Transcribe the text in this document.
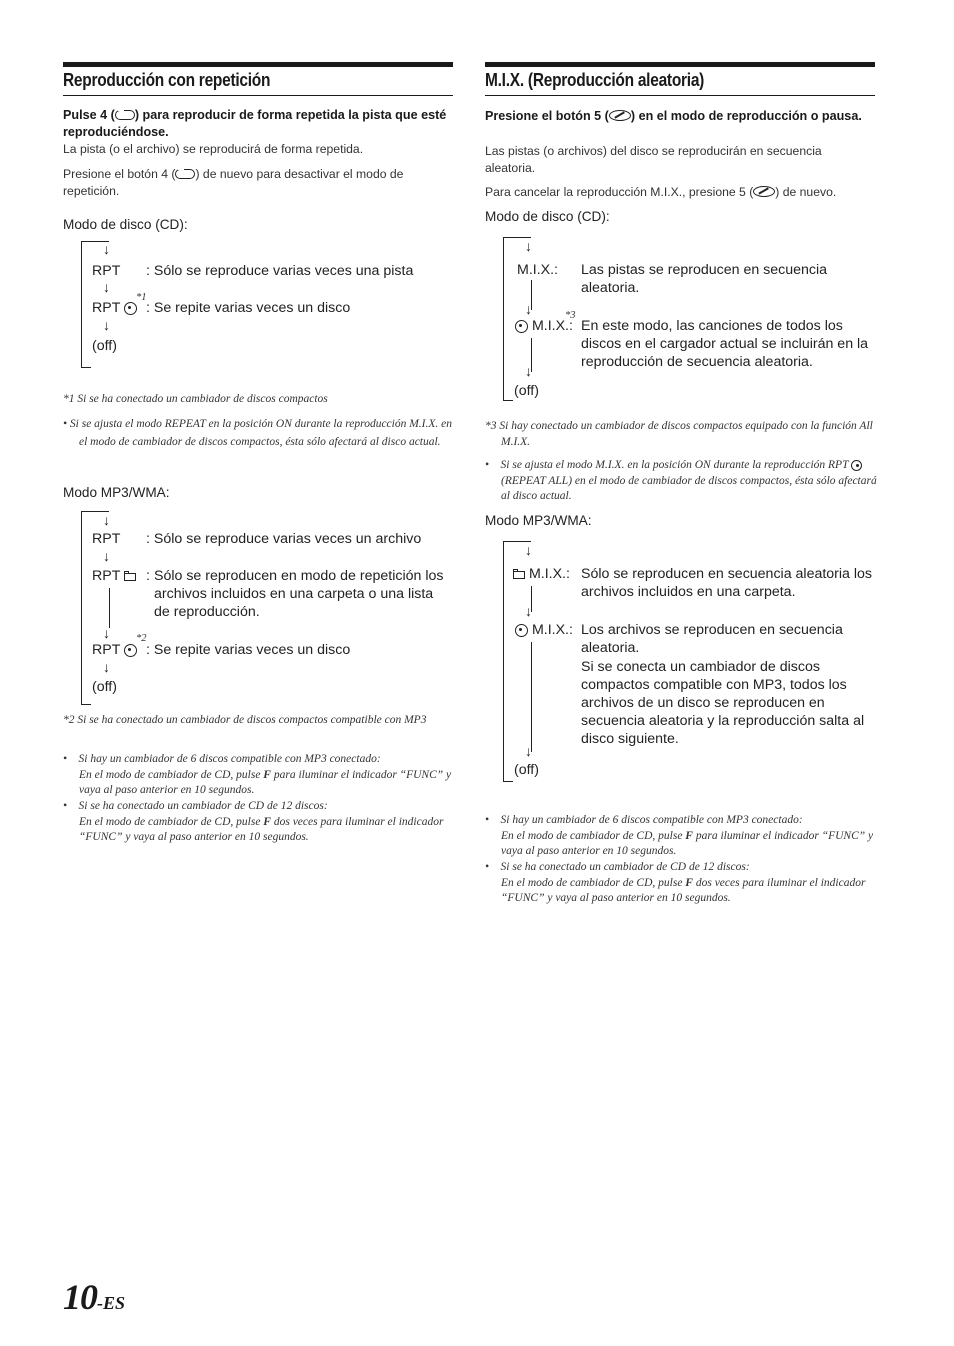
Reproducción con repetición
Pulse 4 ( ) para reproducir de forma repetida la pista que esté reproduciéndose.
La pista (o el archivo) se reproducirá de forma repetida.
Presione el botón 4 ( ) de nuevo para desactivar el modo de repetición.
Modo de disco (CD):
↓
RPT : Sólo se reproduce varias veces una pista
↓
*1
RPT	: Se repite varias veces un disco
↓
(off)
*1 Si se ha conectado un cambiador de discos compactos
• Si se ajusta el modo REPEAT en la posición ON durante la reproducción M.I.X. en el modo de cambiador de discos compactos, ésta sólo afectará al disco actual.
Modo MP3/WMA:
↓
RPT : Sólo se reproduce varias veces un archivo
↓
RPT	: Sólo se reproducen en modo de repetición los archivos incluidos en una carpeta o una lista de reproducción.
↓ *2
RPT	: Se repite varias veces un disco
↓
(off)
*2 Si se ha conectado un cambiador de discos compactos compatible con MP3
•    Si hay un cambiador de 6 discos compatible con MP3 conectado:
En el modo de cambiador de CD, pulse F para iluminar el indicador “FUNC” y vaya al paso anterior en 10 segundos.
•    Si se ha conectado un cambiador de CD de 12 discos:
En el modo de cambiador de CD, pulse F dos veces para iluminar el indicador “FUNC” y vaya al paso anterior en 10 segundos.
M.I.X. (Reproducción aleatoria)
Presione el botón 5 ( ) en el modo de reproducción o pausa.
Las pistas (o archivos) del disco se reproducirán en secuencia aleatoria.
Para cancelar la reproducción M.I.X., presione 5 ( ) de nuevo.
Modo de disco (CD):
↓
M.I.X.: Las pistas se reproducen en secuencia aleatoria.
↓	*3
M.I.X.: En este modo, las canciones de todos los discos en el cargador actual se incluirán en la reproducción de secuencia aleatoria.
↓
(off)
*3 Si hay conectado un cambiador de discos compactos equipado con la función All M.I.X.
•    Si se ajusta el modo M.I.X. en la posición ON durante la reproducción RPT  (REPEAT ALL) en el modo de cambiador de discos compactos, ésta sólo afectará al disco actual.
Modo MP3/WMA:
↓
M.I.X.: Sólo se reproducen en secuencia aleatoria los archivos incluidos en una carpeta.
↓
M.I.X.: Los archivos se reproducen en secuencia aleatoria.
Si se conecta un cambiador de discos compactos compatible con MP3, todos los archivos de un disco se reproducen en secuencia aleatoria y la reproducción salta al disco siguiente.
↓
(off)
•    Si hay un cambiador de 6 discos compatible con MP3 conectado:
En el modo de cambiador de CD, pulse F para iluminar el indicador “FUNC” y vaya al paso anterior en 10 segundos.
•    Si se ha conectado un cambiador de CD de 12 discos:
En el modo de cambiador de CD, pulse F dos veces para iluminar el indicador “FUNC” y vaya al paso anterior en 10 segundos.
10-ES
